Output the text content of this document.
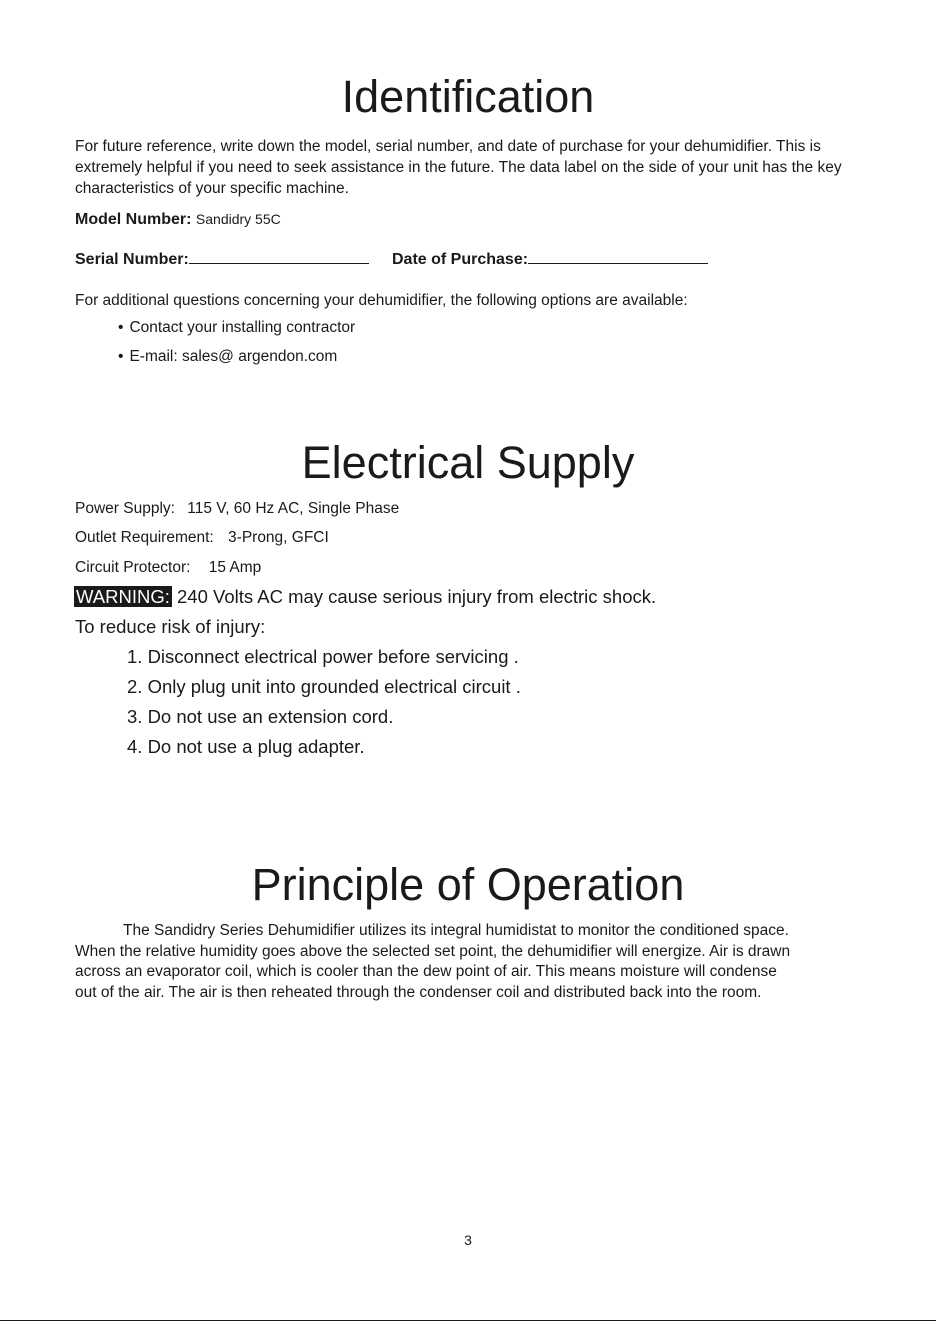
Identification
For future reference, write down the model, serial number, and date of purchase for your dehumidifier. This is extremely helpful if you need to seek assistance in the future. The data label on the side of your unit has the key characteristics of your specific machine.
Model Number: Sandidry 55C
Serial Number:	Date of Purchase:
For additional questions concerning your dehumidifier, the following options are available:
• Contact your installing contractor
• E-mail: sales@ argendon.com
Electrical Supply
Power Supply: 115 V, 60 Hz AC, Single Phase
Outlet Requirement: 3-Prong, GFCI
Circuit Protector: 15 Amp
WARNING: 240 Volts AC may cause serious injury from electric shock.
To reduce risk of injury:
1. Disconnect electrical power before servicing .
2. Only plug unit into grounded electrical circuit .
3. Do not use an extension cord.
4. Do not use a plug adapter.
Principle of Operation
The Sandidry Series Dehumidifier utilizes its integral humidistat to monitor the conditioned space.
When the relative humidity goes above the selected set point, the dehumidifier will energize. Air is drawn
across an evaporator coil, which is cooler than the dew point of air. This means moisture will condense
out of the air. The air is then reheated through the condenser coil and distributed back into the room.
3
